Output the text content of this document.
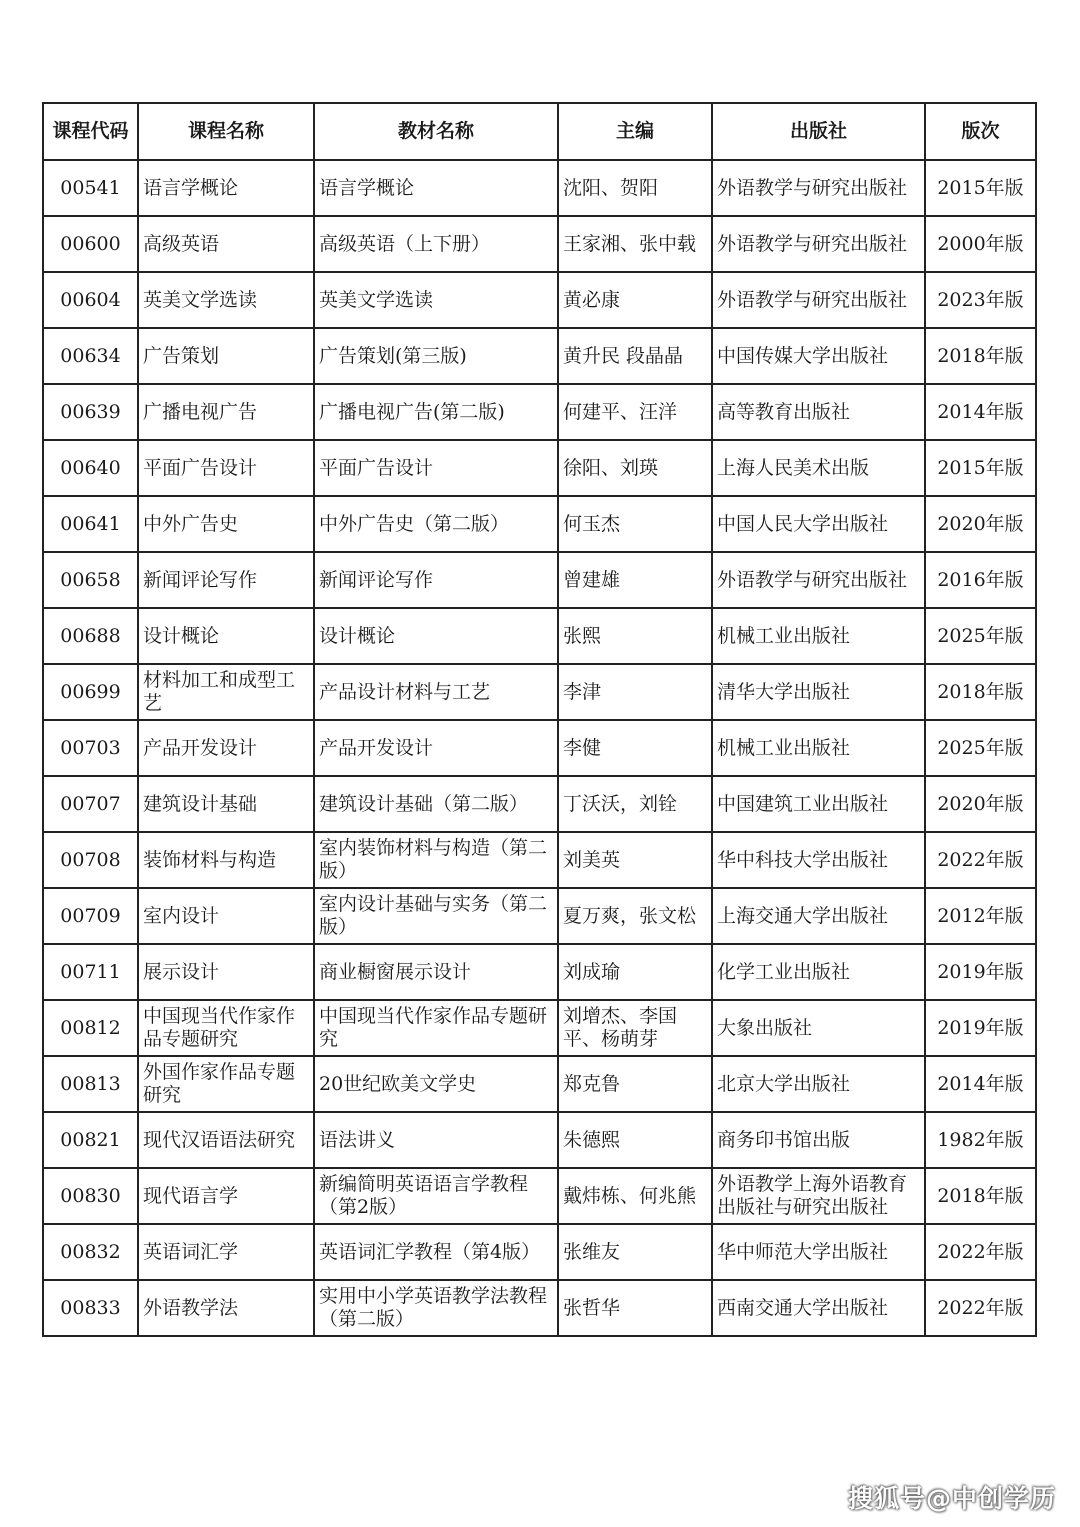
课程代码	课程名称	教材名称	主编	出版社	版次
00541	语言学概论	语言学概论	沈阳、贺阳	外语教学与研究出版社	2015年版
00600	高级英语	高级英语（上下册）	王家湘、张中载	外语教学与研究出版社	2000年版
00604	英美文学选读	英美文学选读	黄必康	外语教学与研究出版社	2023年版
00634	广告策划	广告策划(第三版)	黄升民 段晶晶	中国传媒大学出版社	2018年版
00639	广播电视广告	广播电视广告(第二版)	何建平、汪洋	高等教育出版社	2014年版
00640	平面广告设计	平面广告设计	徐阳、刘瑛	上海人民美术出版	2015年版
00641	中外广告史	中外广告史（第二版）	何玉杰	中国人民大学出版社	2020年版
00658	新闻评论写作	新闻评论写作	曾建雄	外语教学与研究出版社	2016年版
00688	设计概论	设计概论	张熙	机械工业出版社	2025年版
00699	材料加工和成型工艺	产品设计材料与工艺	李津	清华大学出版社	2018年版
00703	产品开发设计	产品开发设计	李健	机械工业出版社	2025年版
00707	建筑设计基础	建筑设计基础（第二版）	丁沃沃，刘铨	中国建筑工业出版社	2020年版
00708	装饰材料与构造	室内装饰材料与构造（第二版）	刘美英	华中科技大学出版社	2022年版
00709	室内设计	室内设计基础与实务（第二版）	夏万爽，张文松	上海交通大学出版社	2012年版
00711	展示设计	商业橱窗展示设计	刘成瑜	化学工业出版社	2019年版
00812	中国现当代作家作品专题研究	中国现当代作家作品专题研究	刘增杰、李国平、杨萌芽	大象出版社	2019年版
00813	外国作家作品专题研究	20世纪欧美文学史	郑克鲁	北京大学出版社	2014年版
00821	现代汉语语法研究	语法讲义	朱德熙	商务印书馆出版	1982年版
00830	现代语言学	新编简明英语语言学教程（第2版）	戴炜栋、何兆熊	外语教学上海外语教育出版社与研究出版社	2018年版
00832	英语词汇学	英语词汇学教程（第4版）	张维友	华中师范大学出版社	2022年版
00833	外语教学法	实用中小学英语教学法教程（第二版）	张哲华	西南交通大学出版社	2022年版
搜狐号@中创学历
